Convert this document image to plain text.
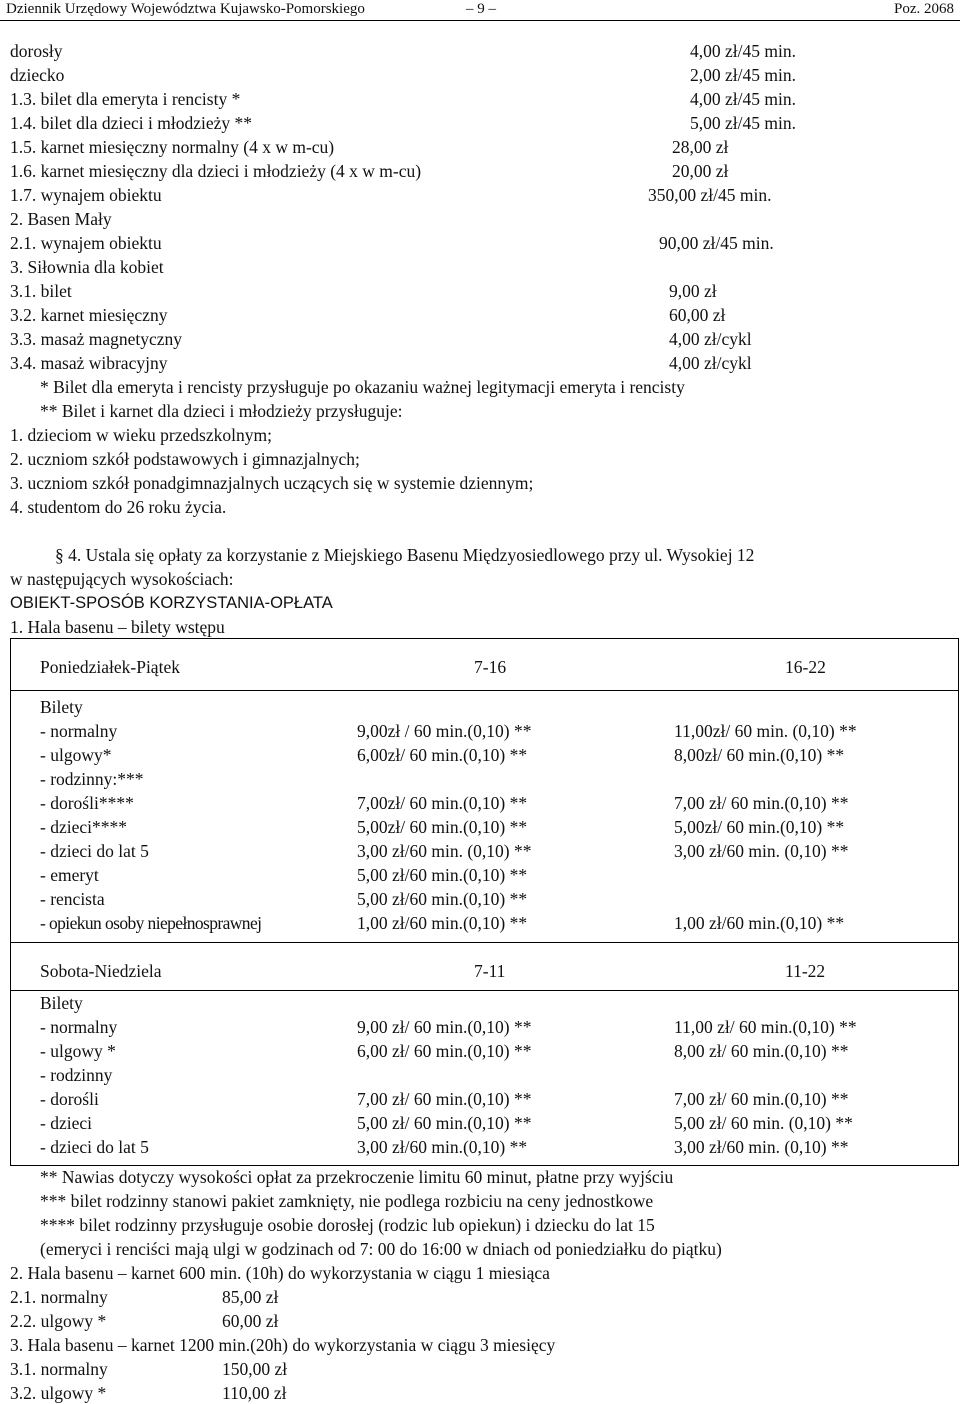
Dziennik Urzędowy Województwa Kujawsko-Pomorskiego	– 9 –	Poz. 2068
dorosły	4,00 zł/45 min.
dziecko	2,00 zł/45 min.
1.3. bilet dla emeryta i rencisty *	4,00 zł/45 min.
1.4. bilet dla dzieci i młodzieży **	5,00 zł/45 min.
1.5. karnet miesięczny normalny (4 x w m-cu)	28,00 zł
1.6. karnet miesięczny dla dzieci i młodzieży (4 x w m-cu)	20,00 zł
1.7. wynajem obiektu	350,00 zł/45 min.
2. Basen Mały
2.1. wynajem obiektu	90,00 zł/45 min.
3. Siłownia dla kobiet
3.1. bilet	9,00 zł
3.2. karnet miesięczny	60,00 zł
3.3. masaż magnetyczny	4,00 zł/cykl
3.4. masaż wibracyjny	4,00 zł/cykl
* Bilet dla emeryta i rencisty przysługuje po okazaniu ważnej legitymacji emeryta i rencisty
** Bilet i karnet dla dzieci i młodzieży przysługuje:
1. dzieciom w wieku przedszkolnym;
2. uczniom szkół podstawowych i gimnazjalnych;
3. uczniom szkół ponadgimnazjalnych uczących się w systemie dziennym;
4. studentom do 26 roku życia.
§ 4. Ustala się opłaty za korzystanie z Miejskiego Basenu Międzyosiedlowego przy ul. Wysokiej 12
w następujących wysokościach:
OBIEKT-SPOSÓB KORZYSTANIA-OPŁATA
1. Hala basenu – bilety wstępu
Poniedziałek-Piątek	7-16	16-22
Bilety
- normalny	9,00zł / 60 min.(0,10) **	11,00zł/ 60 min. (0,10) **
- ulgowy*	6,00zł/ 60 min.(0,10) **	8,00zł/ 60 min.(0,10) **
- rodzinny:***
- dorośli****	7,00zł/ 60 min.(0,10) **	7,00 zł/ 60 min.(0,10) **
- dzieci****	5,00zł/ 60 min.(0,10) **	5,00zł/ 60 min.(0,10) **
- dzieci do lat 5	3,00 zł/60 min. (0,10) **	3,00 zł/60 min. (0,10) **
- emeryt	5,00 zł/60 min.(0,10) **
- rencista	5,00 zł/60 min.(0,10) **
- opiekun osoby niepełnosprawnej	1,00 zł/60 min.(0,10) **	1,00 zł/60 min.(0,10) **
Sobota-Niedziela	7-11	11-22
Bilety
- normalny	9,00 zł/ 60 min.(0,10) **	11,00 zł/ 60 min.(0,10) **
- ulgowy *	6,00 zł/ 60 min.(0,10) **	8,00 zł/ 60 min.(0,10) **
- rodzinny
- dorośli	7,00 zł/ 60 min.(0,10) **	7,00 zł/ 60 min.(0,10) **
- dzieci	5,00 zł/ 60 min.(0,10) **	5,00 zł/ 60 min. (0,10) **
- dzieci do lat 5	3,00 zł/60 min.(0,10) **	3,00 zł/60 min. (0,10) **
** Nawias dotyczy wysokości opłat za przekroczenie limitu 60 minut, płatne przy wyjściu
*** bilet rodzinny stanowi pakiet zamknięty, nie podlega rozbiciu na ceny jednostkowe
**** bilet rodzinny przysługuje osobie dorosłej (rodzic lub opiekun) i dziecku do lat 15
(emeryci i renciści mają ulgi w godzinach od 7: 00 do 16:00 w dniach od poniedziałku do piątku)
2. Hala basenu – karnet 600 min. (10h) do wykorzystania w ciągu 1 miesiąca
2.1. normalny	85,00 zł
2.2. ulgowy *	60,00 zł
3. Hala basenu – karnet 1200 min.(20h) do wykorzystania w ciągu 3 miesięcy
3.1. normalny	150,00 zł
3.2. ulgowy *	110,00 zł
